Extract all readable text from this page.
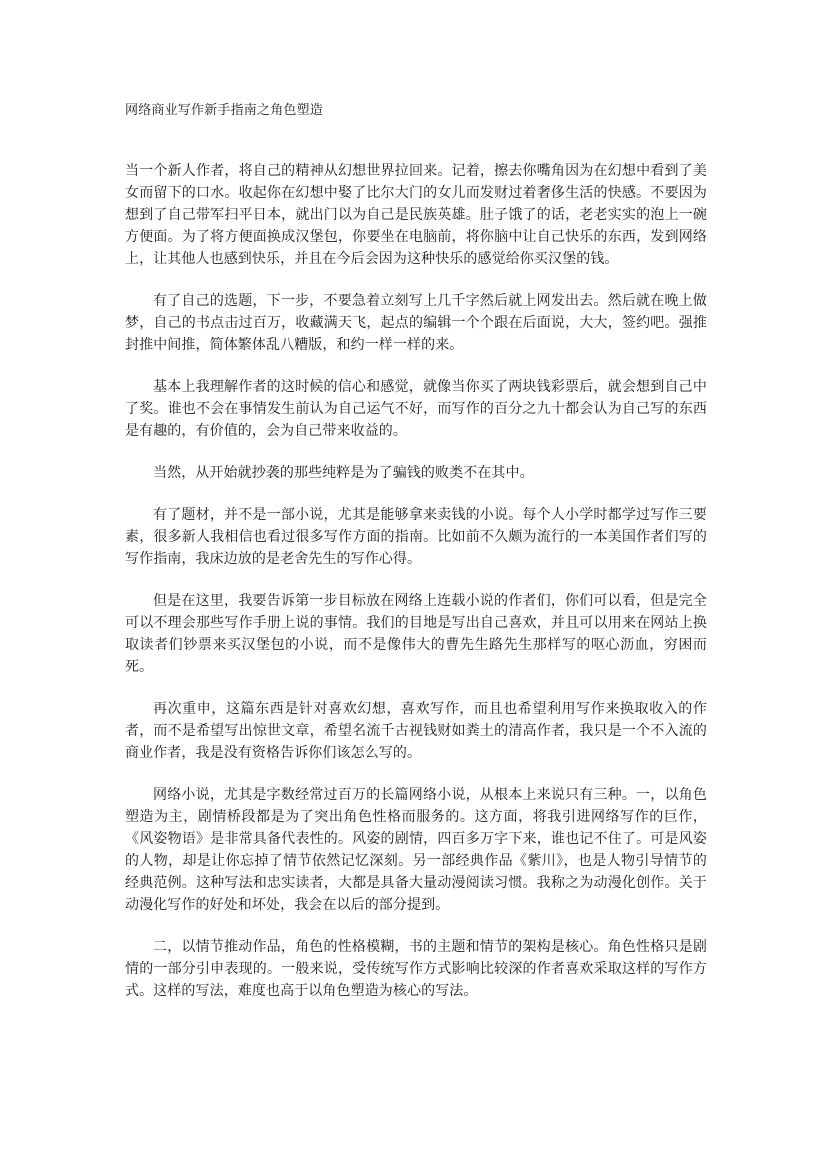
网络商业写作新手指南之角色塑造

当一个新人作者，将自己的精神从幻想世界拉回来。记着，擦去你嘴角因为在幻想中看到了美女而留下的口水。收起你在幻想中娶了比尔大门的女儿而发财过着奢侈生活的快感。不要因为想到了自己带军扫平日本，就出门以为自己是民族英雄。肚子饿了的话，老老实实的泡上一碗方便面。为了将方便面换成汉堡包，你要坐在电脑前，将你脑中让自己快乐的东西，发到网络上，让其他人也感到快乐，并且在今后会因为这种快乐的感觉给你买汉堡的钱。

有了自己的选题，下一步，不要急着立刻写上几千字然后就上网发出去。然后就在晚上做梦，自己的书点击过百万，收藏满天飞，起点的编辑一个个跟在后面说，大大，签约吧。强推封推中间推，简体繁体乱八糟版，和约一样一样的来。

基本上我理解作者的这时候的信心和感觉，就像当你买了两块钱彩票后，就会想到自己中了奖。谁也不会在事情发生前认为自己运气不好，而写作的百分之九十都会认为自己写的东西是有趣的，有价值的，会为自己带来收益的。

当然，从开始就抄袭的那些纯粹是为了骗钱的败类不在其中。

有了题材，并不是一部小说，尤其是能够拿来卖钱的小说。每个人小学时都学过写作三要素，很多新人我相信也看过很多写作方面的指南。比如前不久颇为流行的一本美国作者们写的写作指南，我床边放的是老舍先生的写作心得。

但是在这里，我要告诉第一步目标放在网络上连载小说的作者们，你们可以看，但是完全可以不理会那些写作手册上说的事情。我们的目地是写出自己喜欢，并且可以用来在网站上换取读者们钞票来买汉堡包的小说，而不是像伟大的曹先生路先生那样写的呕心沥血，穷困而死。

再次重申，这篇东西是针对喜欢幻想，喜欢写作，而且也希望利用写作来换取收入的作者，而不是希望写出惊世文章，希望名流千古视钱财如粪土的清高作者，我只是一个不入流的商业作者，我是没有资格告诉你们该怎么写的。

网络小说，尤其是字数经常过百万的长篇网络小说，从根本上来说只有三种。一，以角色塑造为主，剧情桥段都是为了突出角色性格而服务的。这方面，将我引进网络写作的巨作，《风姿物语》是非常具备代表性的。风姿的剧情，四百多万字下来，谁也记不住了。可是风姿的人物，却是让你忘掉了情节依然记忆深刻。另一部经典作品《紫川》，也是人物引导情节的经典范例。这种写法和忠实读者，大都是具备大量动漫阅读习惯。我称之为动漫化创作。关于动漫化写作的好处和坏处，我会在以后的部分提到。

二，以情节推动作品，角色的性格模糊，书的主题和情节的架构是核心。角色性格只是剧情的一部分引申表现的。一般来说，受传统写作方式影响比较深的作者喜欢采取这样的写作方式。这样的写法，难度也高于以角色塑造为核心的写法。
